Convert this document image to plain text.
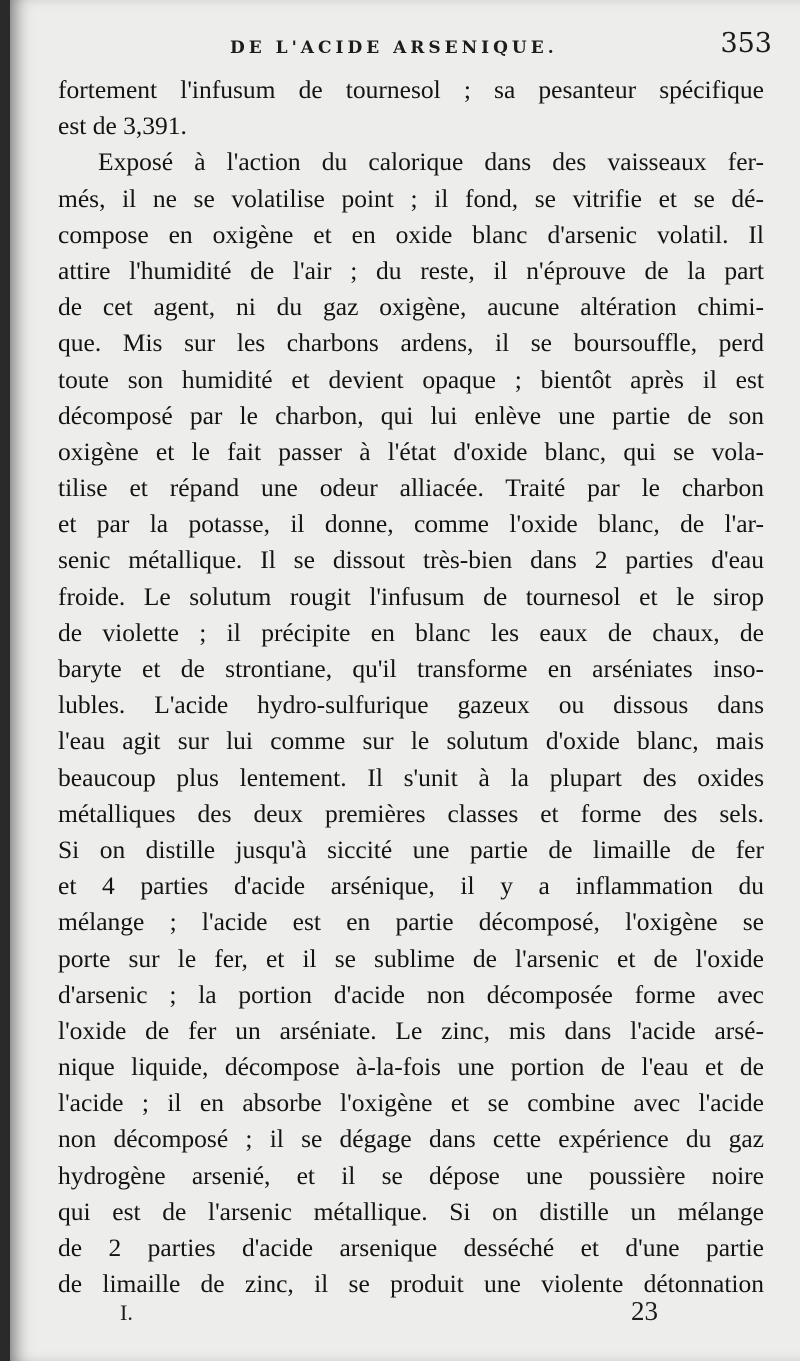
DE L'ACIDE ARSENIQUE.	353
fortement l'infusum de tournesol ; sa pesanteur spécifique
est de 3,391.
Exposé à l'action du calorique dans des vaisseaux fer-
més, il ne se volatilise point ; il fond, se vitrifie et se dé-
compose en oxigène et en oxide blanc d'arsenic volatil. Il
attire l'humidité de l'air ; du reste, il n'éprouve de la part
de cet agent, ni du gaz oxigène, aucune altération chimi-
que. Mis sur les charbons ardens, il se boursouffle, perd
toute son humidité et devient opaque ; bientôt après il est
décomposé par le charbon, qui lui enlève une partie de son
oxigène et le fait passer à l'état d'oxide blanc, qui se vola-
tilise et répand une odeur alliacée. Traité par le charbon
et par la potasse, il donne, comme l'oxide blanc, de l'ar-
senic métallique. Il se dissout très-bien dans 2 parties d'eau
froide. Le solutum rougit l'infusum de tournesol et le sirop
de violette ; il précipite en blanc les eaux de chaux, de
baryte et de strontiane, qu'il transforme en arséniates inso-
lubles. L'acide hydro-sulfurique gazeux ou dissous dans
l'eau agit sur lui comme sur le solutum d'oxide blanc, mais
beaucoup plus lentement. Il s'unit à la plupart des oxides
métalliques des deux premières classes et forme des sels.
Si on distille jusqu'à siccité une partie de limaille de fer
et 4 parties d'acide arsénique, il y a inflammation du
mélange ; l'acide est en partie décomposé, l'oxigène se
porte sur le fer, et il se sublime de l'arsenic et de l'oxide
d'arsenic ; la portion d'acide non décomposée forme avec
l'oxide de fer un arséniate. Le zinc, mis dans l'acide arsé-
nique liquide, décompose à-la-fois une portion de l'eau et de
l'acide ; il en absorbe l'oxigène et se combine avec l'acide
non décomposé ; il se dégage dans cette expérience du gaz
hydrogène arsenié, et il se dépose une poussière noire
qui est de l'arsenic métallique. Si on distille un mélange
de 2 parties d'acide arsenique desséché et d'une partie
de limaille de zinc, il se produit une violente détonnation
I.	23
